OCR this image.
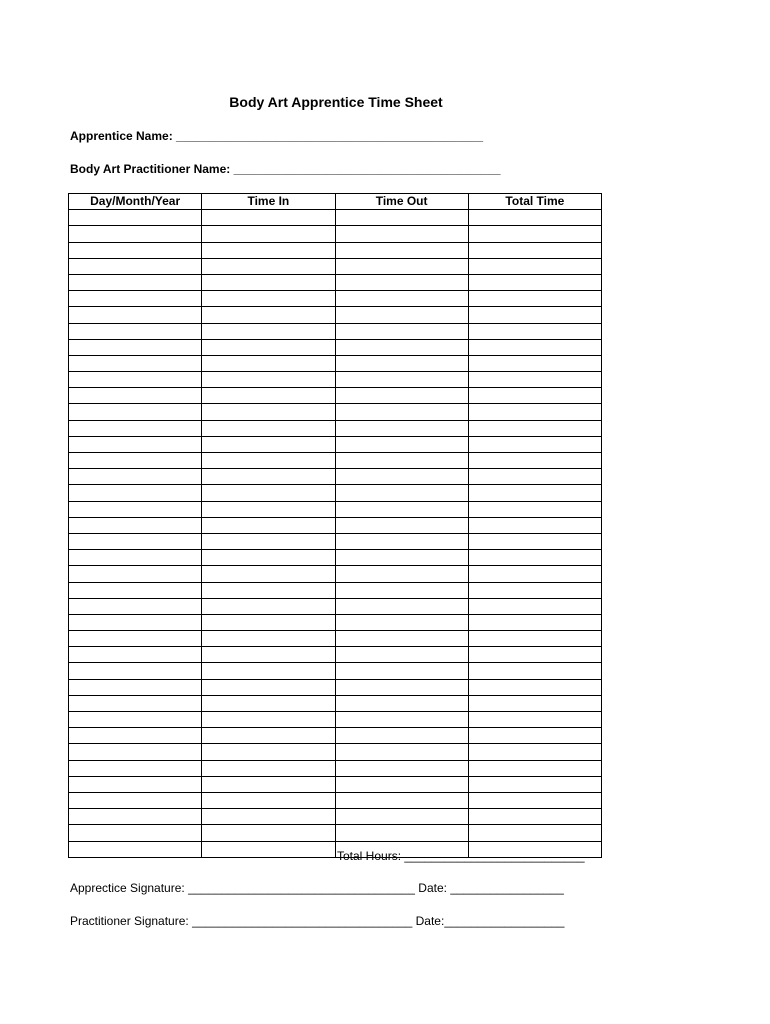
Body Art Apprentice Time Sheet
Apprentice Name: ______________________________________________
Body Art Practitioner Name: ________________________________________
Day/Month/Year	Time In	Time Out	Total Time

Total Hours: ___________________________
Apprectice Signature: __________________________________ Date: _________________
Practitioner Signature: _________________________________ Date:__________________
